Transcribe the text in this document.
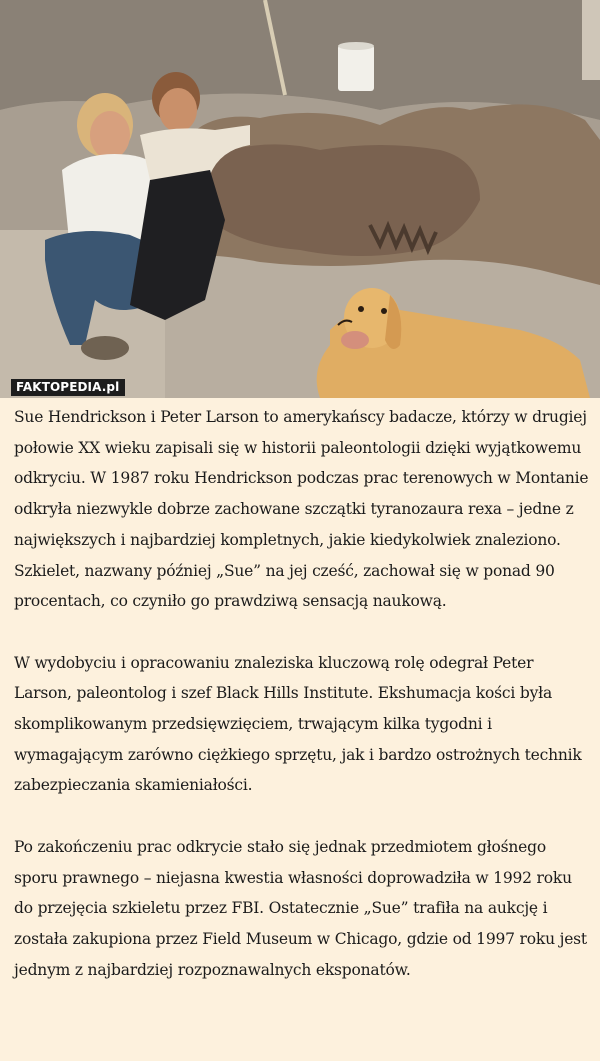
FAKTOPEDIA.pl

Sue Hendrickson i Peter Larson to amerykańscy badacze, którzy w drugiej połowie XX wieku zapisali się w historii paleontologii dzięki wyjątkowemu odkryciu. W 1987 roku Hendrickson podczas prac terenowych w Montanie odkryła niezwykle dobrze zachowane szczątki tyranozaura rexa – jedne z największych i najbardziej kompletnych, jakie kiedykolwiek znaleziono. Szkielet, nazwany później „Sue” na jej cześć, zachował się w ponad 90 procentach, co czyniło go prawdziwą sensacją naukową.

W wydobyciu i opracowaniu znaleziska kluczową rolę odegrał Peter Larson, paleontolog i szef Black Hills Institute. Ekshumacja kości była skomplikowanym przedsięwzięciem, trwającym kilka tygodni i wymagającym zarówno ciężkiego sprzętu, jak i bardzo ostrożnych technik zabezpieczania skamieniałości.

Po zakończeniu prac odkrycie stało się jednak przedmiotem głośnego sporu prawnego – niejasna kwestia własności doprowadziła w 1992 roku do przejęcia szkieletu przez FBI. Ostatecznie „Sue” trafiła na aukcję i została zakupiona przez Field Museum w Chicago, gdzie od 1997 roku jest jednym z najbardziej rozpoznawalnych eksponatów.
